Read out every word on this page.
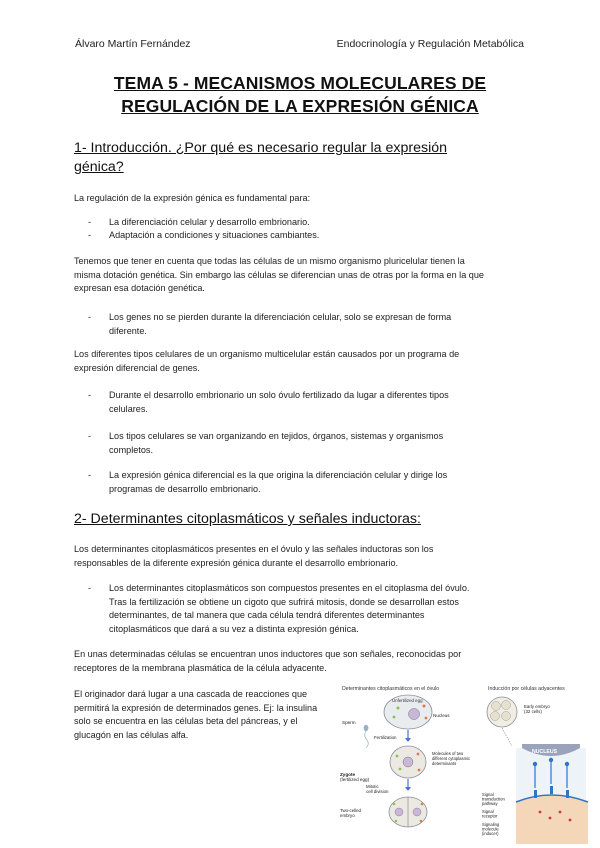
Álvaro Martín Fernández	Endocrinología y Regulación Metabólica
TEMA 5 - MECANISMOS MOLECULARES DE
REGULACIÓN DE LA EXPRESIÓN GÉNICA
1- Introducción. ¿Por qué es necesario regular la expresión
génica?
La regulación de la expresión génica es fundamental para:
- La diferenciación celular y desarrollo embrionario.
- Adaptación a condiciones y situaciones cambiantes.
Tenemos que tener en cuenta que todas las células de un mismo organismo pluricelular tienen la
misma dotación genética. Sin embargo las células se diferencian unas de otras por la forma en la que
expresan esa dotación genética.
- Los genes no se pierden durante la diferenciación celular, solo se expresan de forma
diferente.
Los diferentes tipos celulares de un organismo multicelular están causados por un programa de
expresión diferencial de genes.
- Durante el desarrollo embrionario un solo óvulo fertilizado da lugar a diferentes tipos
celulares.
- Los tipos celulares se van organizando en tejidos, órganos, sistemas y organismos
completos.
- La expresión génica diferencial es la que origina la diferenciación celular y dirige los
programas de desarrollo embrionario.
2- Determinantes citoplasmáticos y señales inductoras:
Los determinantes citoplasmáticos presentes en el óvulo y las señales inductoras son los
responsables de la diferente expresión génica durante el desarrollo embrionario.
- Los determinantes citoplasmáticos son compuestos presentes en el citoplasma del óvulo.
Tras la fertilización se obtiene un cigoto que sufrirá mitosis, donde se desarrollan estos
determinantes, de tal manera que cada célula tendrá diferentes determinantes
citoplasmáticos que dará a su vez a distinta expresión génica.
En unas determinadas células se encuentran unos inductores que son señales, reconocidas por
receptores de la membrana plasmática de la célula adyacente.
El originador dará lugar a una cascada de reacciones que
permitirá la expresión de determinados genes. Ej: la insulina
solo se encuentra en las células beta del páncreas, y el
glucagón en las células alfa.
Determinantes citoplasmáticos en el óvulo	Inducción por células adyacentes
Unfertilized egg
Nucleus
Sperm
Fertilization
Molecules of two different cytoplasmic determinants
Zygote (fertilized egg)
Mitotic cell division
Two-celled embryo
Early embryo (32 cells)
NUCLEUS
Signal transduction pathway
Signal receptor
Signaling molecule (inducer)
